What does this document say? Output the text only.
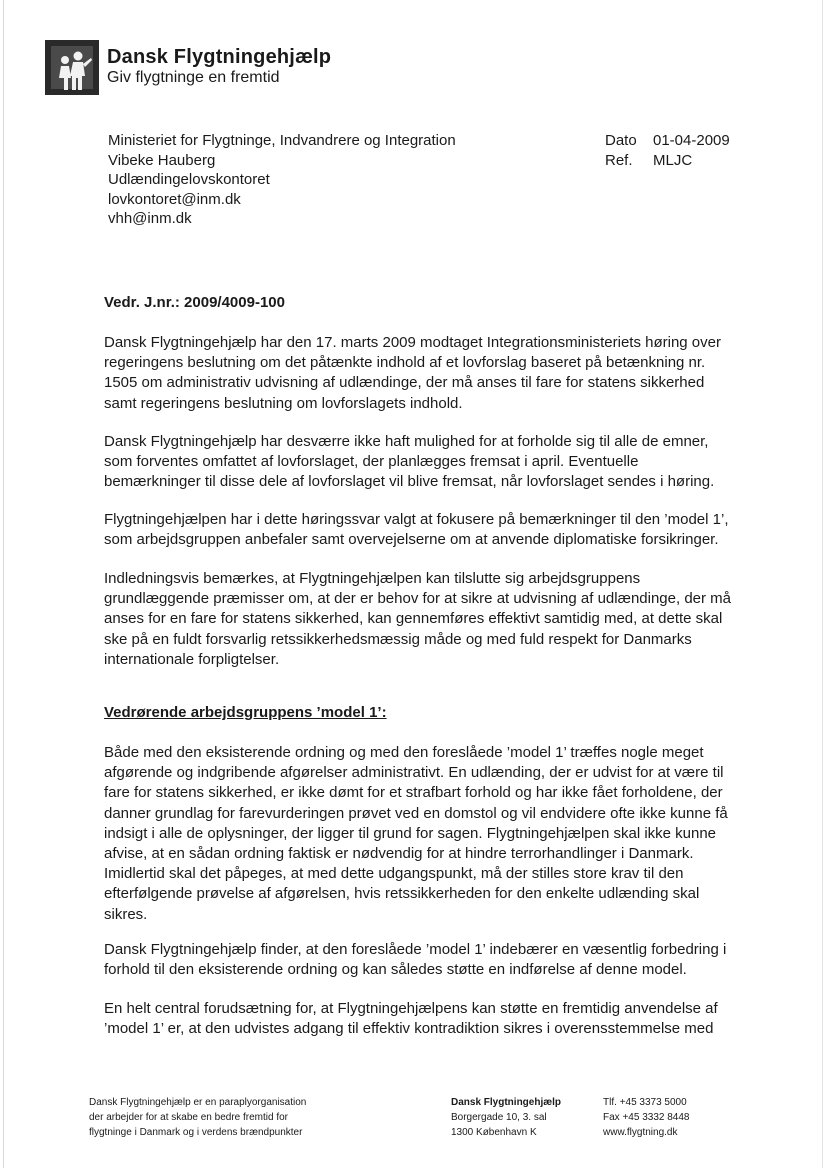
Dansk Flygtningehjælp
Giv flygtninge en fremtid
Ministeriet for Flygtninge, Indvandrere og Integration
Vibeke Hauberg
Udlændingelovskontoret
lovkontoret@inm.dk
vhh@inm.dk
Dato 01-04-2009
Ref. MLJC
Vedr. J.nr.: 2009/4009-100
Dansk Flygtningehjælp har den 17. marts 2009 modtaget Integrationsministeriets høring over
regeringens beslutning om det påtænkte indhold af et lovforslag baseret på betænkning nr.
1505 om administrativ udvisning af udlændinge, der må anses til fare for statens sikkerhed
samt regeringens beslutning om lovforslagets indhold.
Dansk Flygtningehjælp har desværre ikke haft mulighed for at forholde sig til alle de emner,
som forventes omfattet af lovforslaget, der planlægges fremsat i april. Eventuelle
bemærkninger til disse dele af lovforslaget vil blive fremsat, når lovforslaget sendes i høring.
Flygtningehjælpen har i dette høringssvar valgt at fokusere på bemærkninger til den ’model 1’,
som arbejdsgruppen anbefaler samt overvejelserne om at anvende diplomatiske forsikringer.
Indledningsvis bemærkes, at Flygtningehjælpen kan tilslutte sig arbejdsgruppens
grundlæggende præmisser om, at der er behov for at sikre at udvisning af udlændinge, der må
anses for en fare for statens sikkerhed, kan gennemføres effektivt samtidig med, at dette skal
ske på en fuldt forsvarlig retssikkerhedsmæssig måde og med fuld respekt for Danmarks
internationale forpligtelser.
Vedrørende arbejdsgruppens ’model 1’:
Både med den eksisterende ordning og med den foreslåede ’model 1’ træffes nogle meget
afgørende og indgribende afgørelser administrativt. En udlænding, der er udvist for at være til
fare for statens sikkerhed, er ikke dømt for et strafbart forhold og har ikke fået forholdene, der
danner grundlag for farevurderingen prøvet ved en domstol og vil endvidere ofte ikke kunne få
indsigt i alle de oplysninger, der ligger til grund for sagen. Flygtningehjælpen skal ikke kunne
afvise, at en sådan ordning faktisk er nødvendig for at hindre terrorhandlinger i Danmark.
Imidlertid skal det påpeges, at med dette udgangspunkt, må der stilles store krav til den
efterfølgende prøvelse af afgørelsen, hvis retssikkerheden for den enkelte udlænding skal
sikres.
Dansk Flygtningehjælp finder, at den foreslåede ’model 1’ indebærer en væsentlig forbedring i
forhold til den eksisterende ordning og kan således støtte en indførelse af denne model.
En helt central forudsætning for, at Flygtningehjælpens kan støtte en fremtidig anvendelse af
’model 1’ er, at den udvistes adgang til effektiv kontradiktion sikres i overensstemmelse med
Dansk Flygtningehjælp er en paraplyorganisation
der arbejder for at skabe en bedre fremtid for
flygtninge i Danmark og i verdens brændpunkter
Dansk Flygtningehjælp
Borgergade 10, 3. sal
1300 København K
Tlf. +45 3373 5000
Fax +45 3332 8448
www.flygtning.dk
